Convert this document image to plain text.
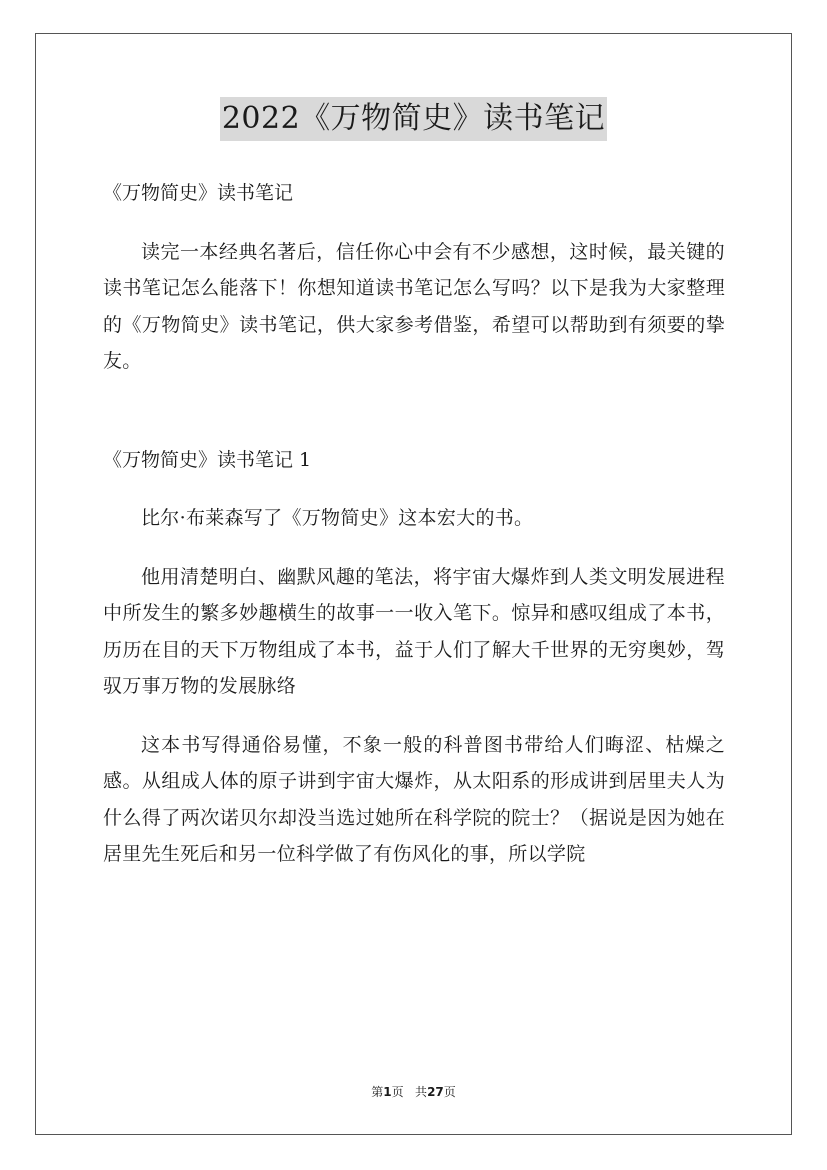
2022《万物简史》读书笔记

《万物简史》读书笔记

读完一本经典名著后，信任你心中会有不少感想，这时候，最关键的读书笔记怎么能落下！你想知道读书笔记怎么写吗？以下是我为大家整理的《万物简史》读书笔记，供大家参考借鉴，希望可以帮助到有须要的挚友。

《万物简史》读书笔记 1

比尔·布莱森写了《万物简史》这本宏大的书。

他用清楚明白、幽默风趣的笔法，将宇宙大爆炸到人类文明发展进程中所发生的繁多妙趣横生的故事一一收入笔下。惊异和感叹组成了本书，历历在目的天下万物组成了本书，益于人们了解大千世界的无穷奥妙，驾驭万事万物的发展脉络

这本书写得通俗易懂，不象一般的科普图书带给人们晦涩、枯燥之感。从组成人体的原子讲到宇宙大爆炸，从太阳系的形成讲到居里夫人为什么得了两次诺贝尔却没当选过她所在科学院的院士？（据说是因为她在居里先生死后和另一位科学做了有伤风化的事，所以学院

第1页 共27页
